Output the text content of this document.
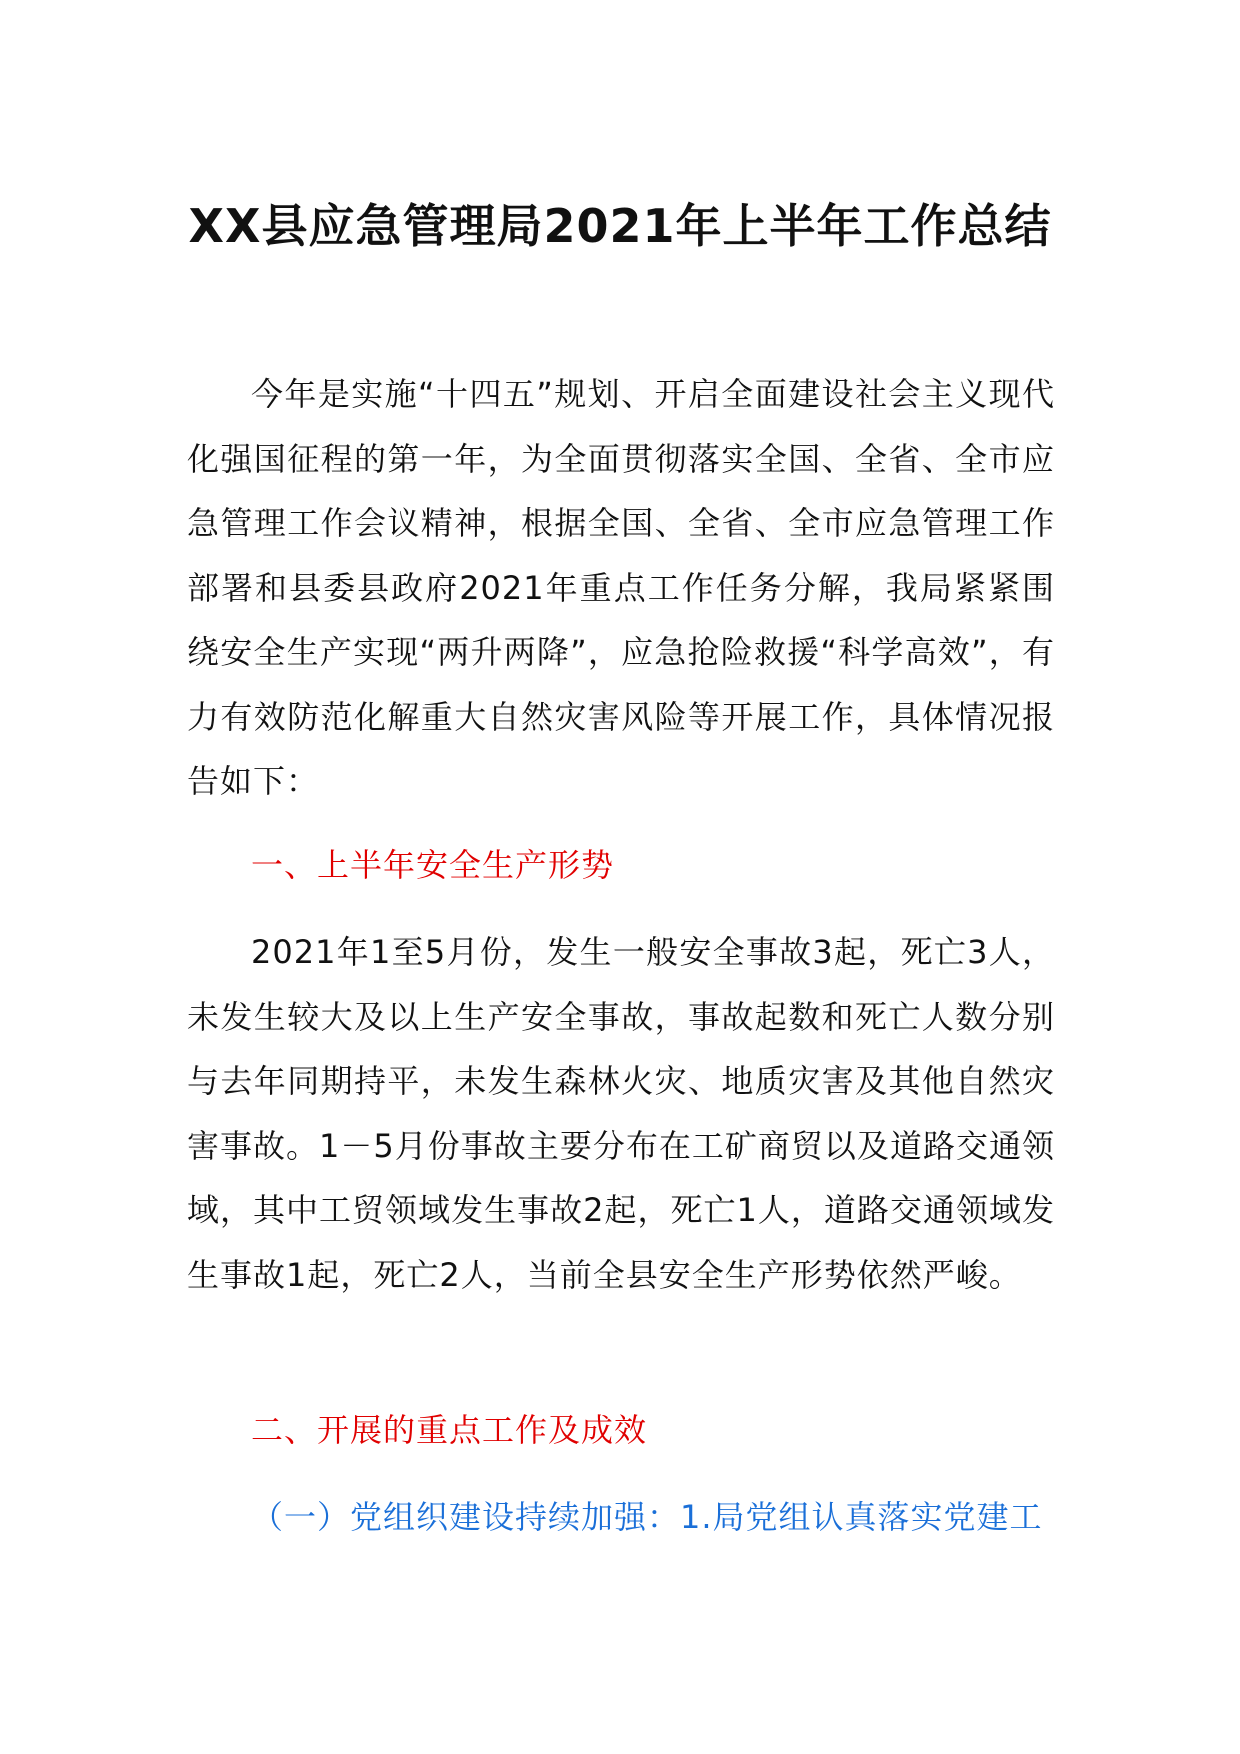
XX县应急管理局2021年上半年工作总结

今年是实施“十四五”规划、开启全面建设社会主义现代化强国征程的第一年，为全面贯彻落实全国、全省、全市应急管理工作会议精神，根据全国、全省、全市应急管理工作部署和县委县政府2021年重点工作任务分解，我局紧紧围绕安全生产实现“两升两降”，应急抢险救援“科学高效”，有力有效防范化解重大自然灾害风险等开展工作，具体情况报告如下：

一、上半年安全生产形势

2021年1至5月份，发生一般安全事故3起，死亡3人，未发生较大及以上生产安全事故，事故起数和死亡人数分别与去年同期持平，未发生森林火灾、地质灾害及其他自然灾害事故。1－5月份事故主要分布在工矿商贸以及道路交通领域，其中工贸领域发生事故2起，死亡1人，道路交通领域发生事故1起，死亡2人，当前全县安全生产形势依然严峻。

二、开展的重点工作及成效

（一）党组织建设持续加强：1.局党组认真落实党建工
